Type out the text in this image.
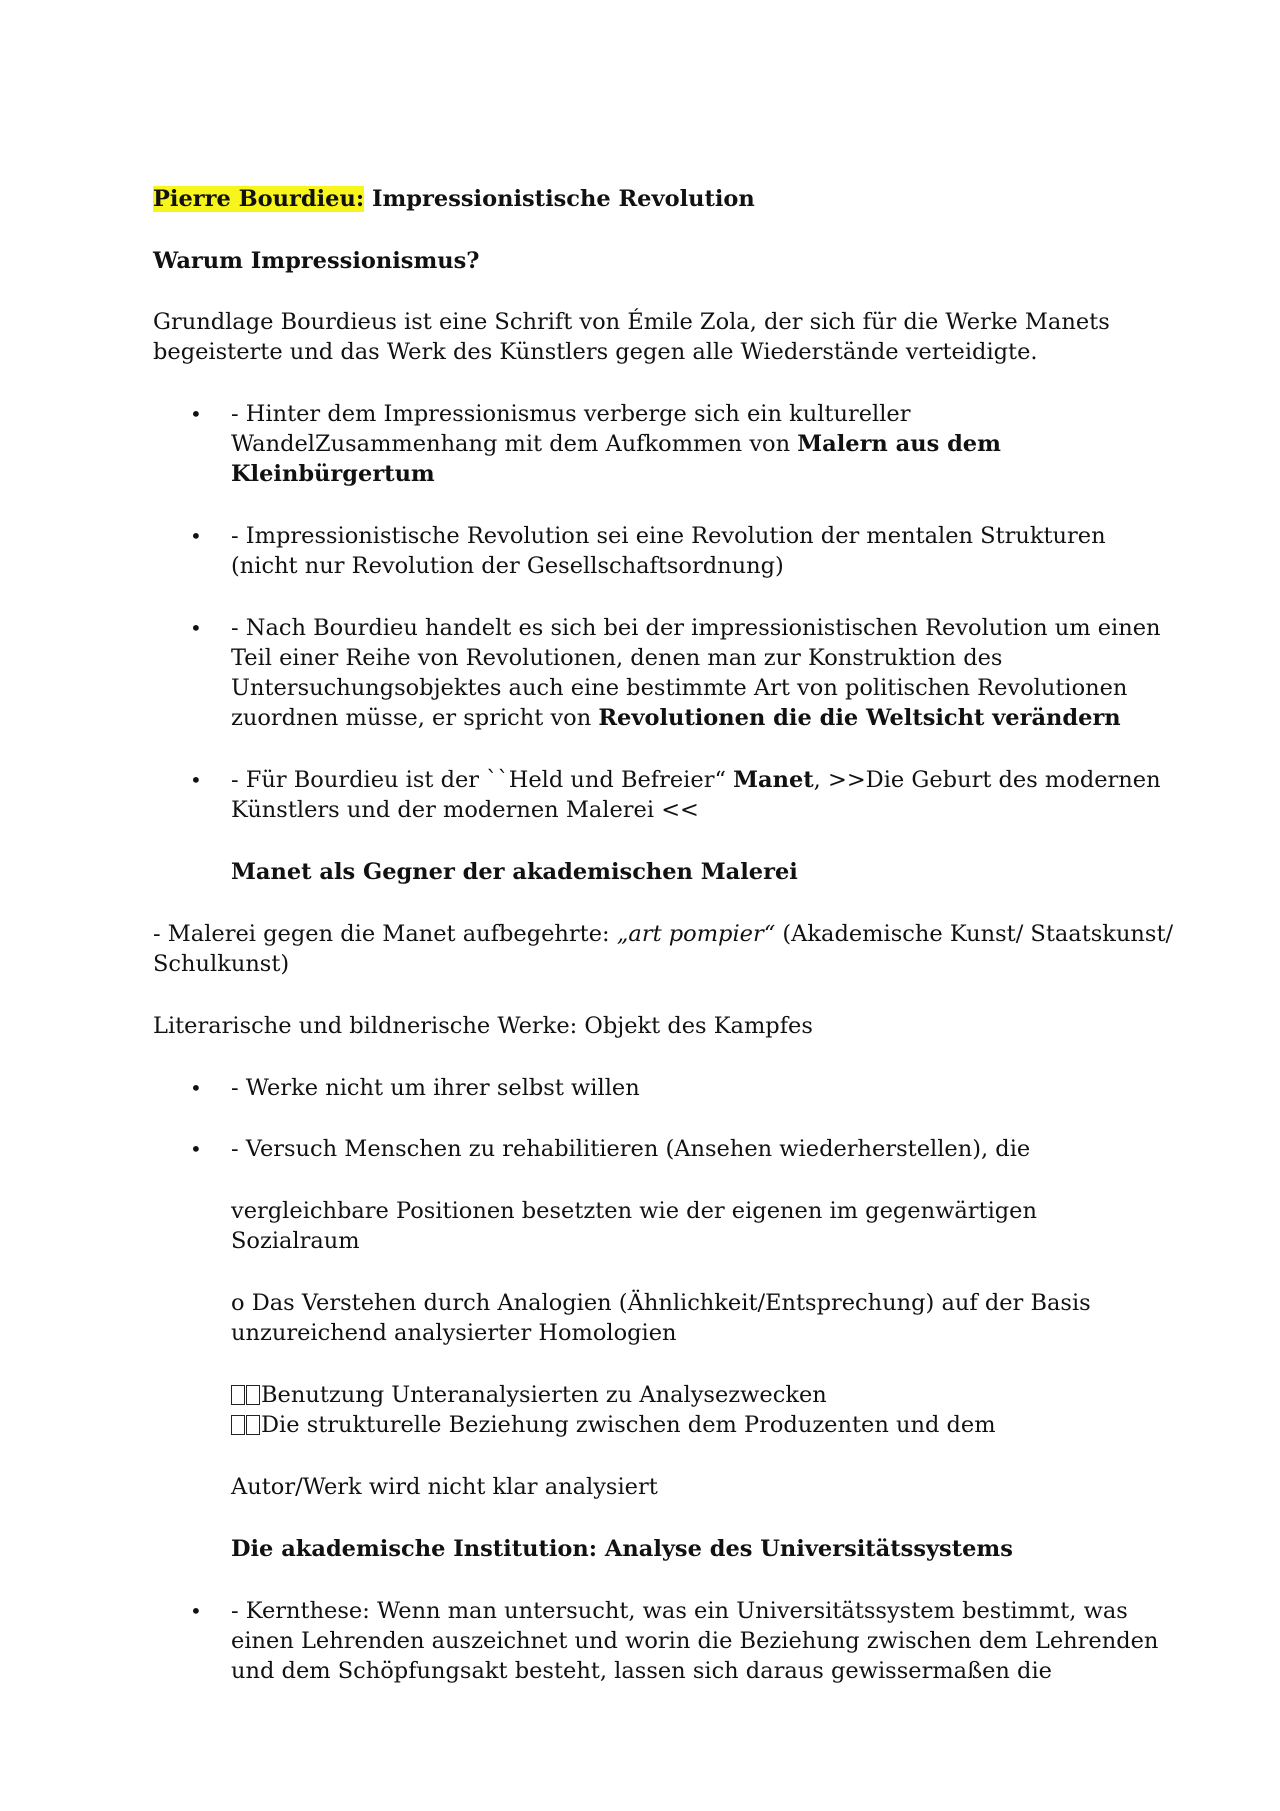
Pierre Bourdieu: Impressionistische Revolution
Warum Impressionismus?
Grundlage Bourdieus ist eine Schrift von Émile Zola, der sich für die Werke Manets
begeisterte und das Werk des Künstlers gegen alle Wiederstände verteidigte.
• - Hinter dem Impressionismus verberge sich ein kultureller
WandelZusammenhang mit dem Aufkommen von Malern aus dem
Kleinbürgertum
• - Impressionistische Revolution sei eine Revolution der mentalen Strukturen
(nicht nur Revolution der Gesellschaftsordnung)
• - Nach Bourdieu handelt es sich bei der impressionistischen Revolution um einen
Teil einer Reihe von Revolutionen, denen man zur Konstruktion des
Untersuchungsobjektes auch eine bestimmte Art von politischen Revolutionen
zuordnen müsse, er spricht von Revolutionen die die Weltsicht verändern
• - Für Bourdieu ist der ``Held und Befreier“ Manet, >>Die Geburt des modernen
Künstlers und der modernen Malerei <<
Manet als Gegner der akademischen Malerei
- Malerei gegen die Manet aufbegehrte: „art pompier“ (Akademische Kunst/ Staatskunst/
Schulkunst)
Literarische und bildnerische Werke: Objekt des Kampfes
• - Werke nicht um ihrer selbst willen
• - Versuch Menschen zu rehabilitieren (Ansehen wiederherstellen), die
vergleichbare Positionen besetzten wie der eigenen im gegenwärtigen
Sozialraum
o Das Verstehen durch Analogien (Ähnlichkeit/Entsprechung) auf der Basis
unzureichend analysierter Homologien
Benutzung Unteranalysierten zu Analysezwecken
Die strukturelle Beziehung zwischen dem Produzenten und dem
Autor/Werk wird nicht klar analysiert
Die akademische Institution: Analyse des Universitätssystems
• - Kernthese: Wenn man untersucht, was ein Universitätssystem bestimmt, was
einen Lehrenden auszeichnet und worin die Beziehung zwischen dem Lehrenden
und dem Schöpfungsakt besteht, lassen sich daraus gewissermaßen die
